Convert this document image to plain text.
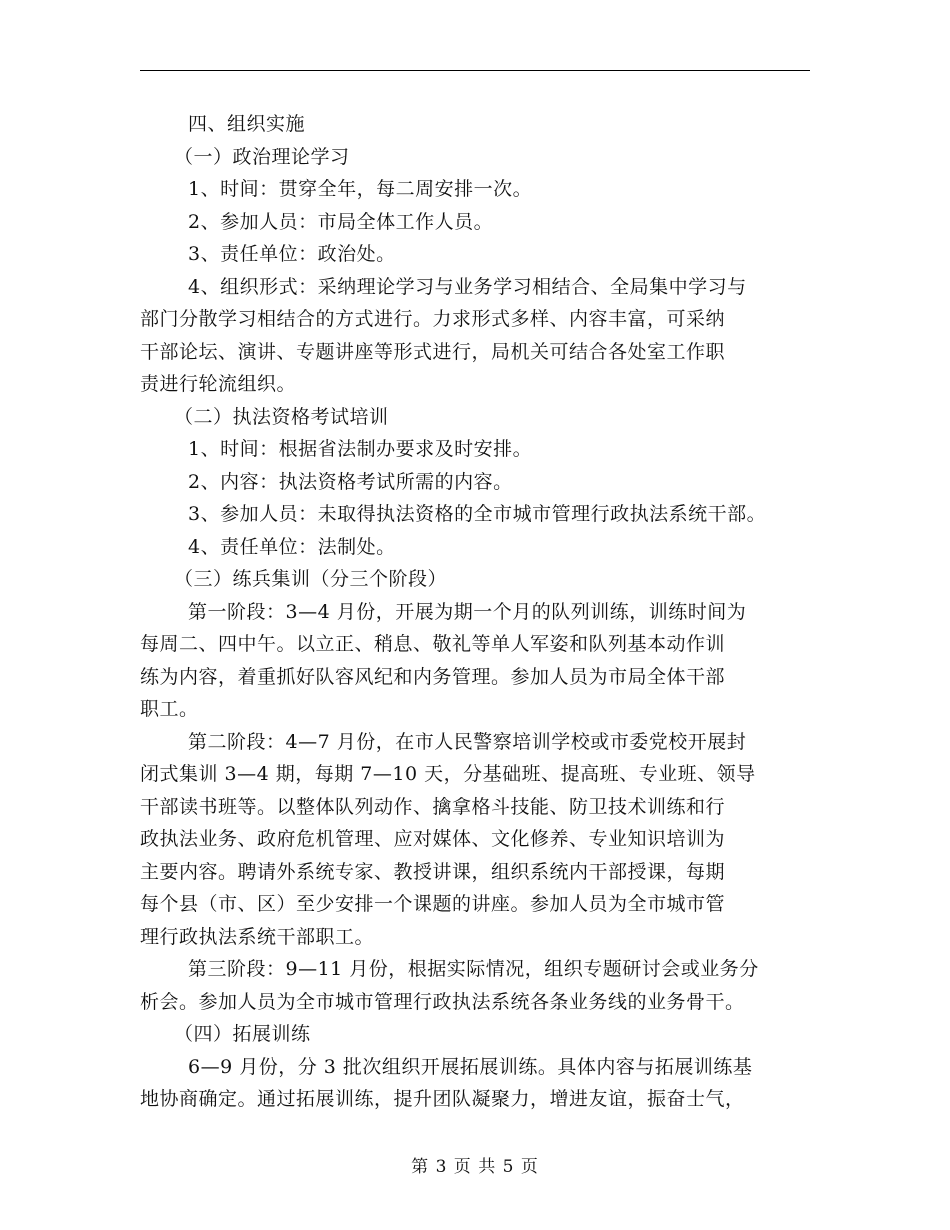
四、组织实施
（一）政治理论学习
1、时间：贯穿全年，每二周安排一次。
2、参加人员：市局全体工作人员。
3、责任单位：政治处。
4、组织形式：采纳理论学习与业务学习相结合、全局集中学习与
部门分散学习相结合的方式进行。力求形式多样、内容丰富，可采纳
干部论坛、演讲、专题讲座等形式进行，局机关可结合各处室工作职
责进行轮流组织。
（二）执法资格考试培训
1、时间：根据省法制办要求及时安排。
2、内容：执法资格考试所需的内容。
3、参加人员：未取得执法资格的全市城市管理行政执法系统干部。
4、责任单位：法制处。
（三）练兵集训（分三个阶段）
第一阶段：3—4 月份，开展为期一个月的队列训练，训练时间为
每周二、四中午。以立正、稍息、敬礼等单人军姿和队列基本动作训
练为内容，着重抓好队容风纪和内务管理。参加人员为市局全体干部
职工。
第二阶段：4—7 月份，在市人民警察培训学校或市委党校开展封
闭式集训 3—4 期，每期 7—10 天，分基础班、提高班、专业班、领导
干部读书班等。以整体队列动作、擒拿格斗技能、防卫技术训练和行
政执法业务、政府危机管理、应对媒体、文化修养、专业知识培训为
主要内容。聘请外系统专家、教授讲课，组织系统内干部授课，每期
每个县（市、区）至少安排一个课题的讲座。参加人员为全市城市管
理行政执法系统干部职工。
第三阶段：9—11 月份，根据实际情况，组织专题研讨会或业务分
析会。参加人员为全市城市管理行政执法系统各条业务线的业务骨干。
（四）拓展训练
6—9 月份，分 3 批次组织开展拓展训练。具体内容与拓展训练基
地协商确定。通过拓展训练，提升团队凝聚力，增进友谊，振奋士气，
第 3 页 共 5 页
